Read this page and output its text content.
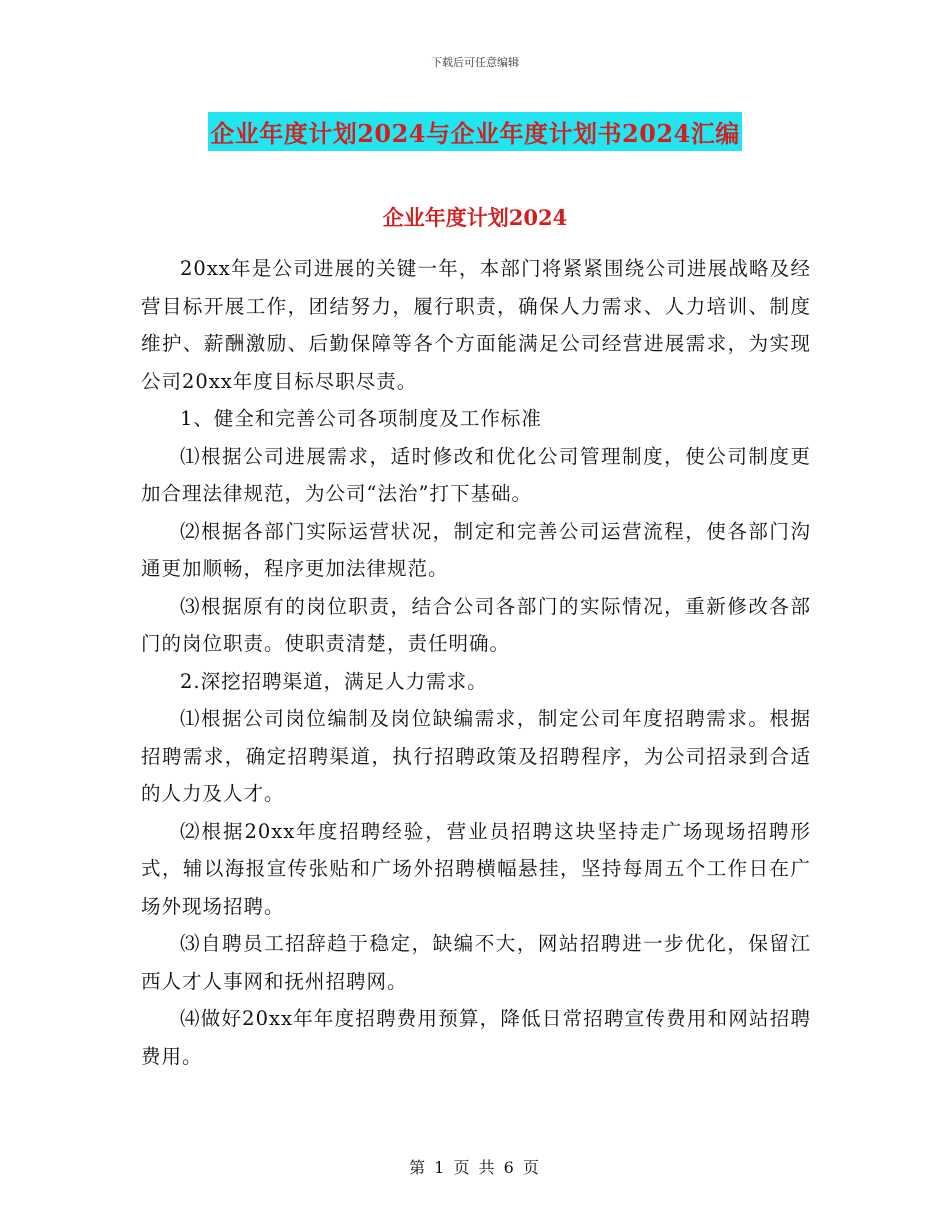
下载后可任意编辑
企业年度计划2024与企业年度计划书2024汇编
企业年度计划2024

20xx年是公司进展的关键一年，本部门将紧紧围绕公司进展战略及经营目标开展工作，团结努力，履行职责，确保人力需求、人力培训、制度维护、薪酬激励、后勤保障等各个方面能满足公司经营进展需求，为实现公司20xx年度目标尽职尽责。

1、健全和完善公司各项制度及工作标准

⑴根据公司进展需求，适时修改和优化公司管理制度，使公司制度更加合理法律规范，为公司“法治”打下基础。

⑵根据各部门实际运营状况，制定和完善公司运营流程，使各部门沟通更加顺畅，程序更加法律规范。

⑶根据原有的岗位职责，结合公司各部门的实际情况，重新修改各部门的岗位职责。使职责清楚，责任明确。

2.深挖招聘渠道，满足人力需求。

⑴根据公司岗位编制及岗位缺编需求，制定公司年度招聘需求。根据招聘需求，确定招聘渠道，执行招聘政策及招聘程序，为公司招录到合适的人力及人才。

⑵根据20xx年度招聘经验，营业员招聘这块坚持走广场现场招聘形式，辅以海报宣传张贴和广场外招聘横幅悬挂，坚持每周五个工作日在广场外现场招聘。

⑶自聘员工招辞趋于稳定，缺编不大，网站招聘进一步优化，保留江西人才人事网和抚州招聘网。

⑷做好20xx年年度招聘费用预算，降低日常招聘宣传费用和网站招聘费用。

第 1 页 共 6 页
